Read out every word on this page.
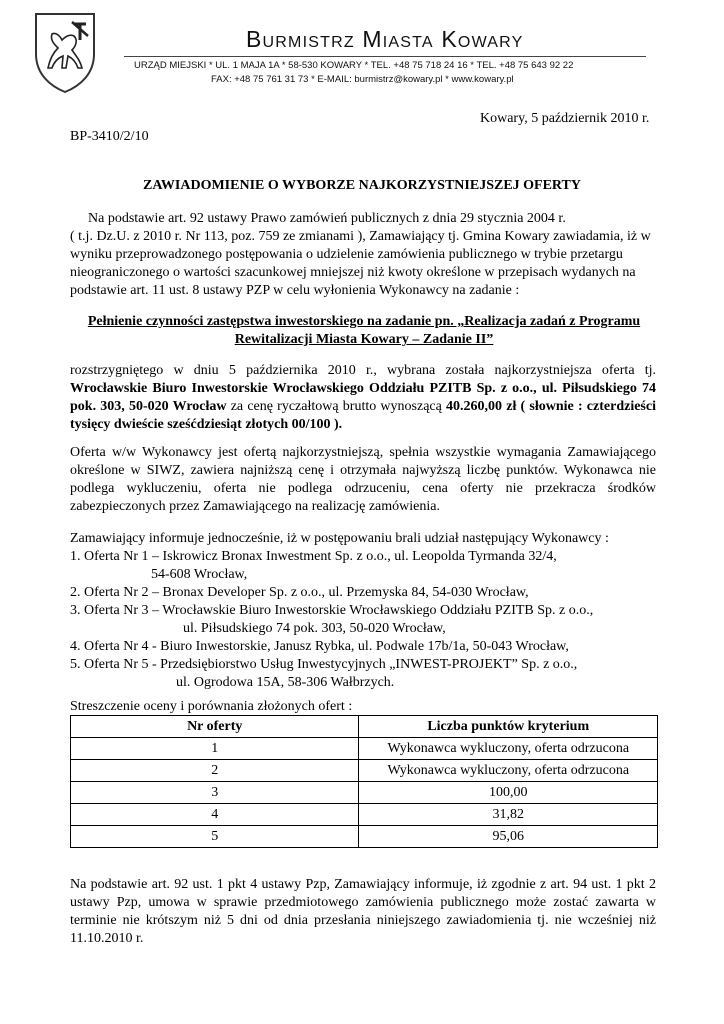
Burmistrz Miasta Kowary
URZĄD MIEJSKI * UL. 1 MAJA 1A * 58-530 KOWARY * TEL. +48 75 718 24 16 * TEL. +48 75 643 92 22
FAX: +48 75 761 31 73 * E-MAIL: burmistrz@kowary.pl * www.kowary.pl
Kowary, 5 październik 2010 r.
BP-3410/2/10
ZAWIADOMIENIE O WYBORZE NAJKORZYSTNIEJSZEJ OFERTY
Na podstawie art. 92 ustawy Prawo zamówień publicznych z dnia 29 stycznia 2004 r.
( t.j. Dz.U. z 2010 r. Nr 113, poz. 759 ze zmianami ), Zamawiający tj. Gmina Kowary zawiadamia, iż w wyniku przeprowadzonego postępowania o udzielenie zamówienia publicznego w trybie przetargu nieograniczonego o wartości szacunkowej mniejszej niż kwoty określone w przepisach wydanych na podstawie art. 11 ust. 8 ustawy PZP w celu wyłonienia Wykonawcy na zadanie :
Pełnienie czynności zastępstwa inwestorskiego na zadanie pn. „Realizacja zadań z Programu Rewitalizacji Miasta Kowary – Zadanie II”
rozstrzygniętego w dniu 5 października 2010 r., wybrana została najkorzystniejsza oferta tj. Wrocławskie Biuro Inwestorskie Wrocławskiego Oddziału PZITB Sp. z o.o., ul. Piłsudskiego 74 pok. 303, 50-020 Wrocław za cenę ryczałtową brutto wynoszącą 40.260,00 zł ( słownie : czterdzieści tysięcy dwieście sześćdziesiąt złotych 00/100 ).
Oferta w/w Wykonawcy jest ofertą najkorzystniejszą, spełnia wszystkie wymagania Zamawiającego określone w SIWZ, zawiera najniższą cenę i otrzymała najwyższą liczbę punktów. Wykonawca nie podlega wykluczeniu, oferta nie podlega odrzuceniu, cena oferty nie przekracza środków zabezpieczonych przez Zamawiającego na realizację zamówienia.
Zamawiający informuje jednocześnie, iż w postępowaniu brali udział następujący Wykonawcy :
1. Oferta Nr 1 – Iskrowicz Bronax Inwestment Sp. z o.o., ul. Leopolda Tyrmanda 32/4,
54-608 Wrocław,
2. Oferta Nr 2 – Bronax Developer Sp. z o.o., ul. Przemyska 84, 54-030 Wrocław,
3. Oferta Nr 3 – Wrocławskie Biuro Inwestorskie Wrocławskiego Oddziału PZITB Sp. z o.o.,
ul. Piłsudskiego 74 pok. 303, 50-020 Wrocław,
4. Oferta Nr 4 - Biuro Inwestorskie, Janusz Rybka, ul. Podwale 17b/1a, 50-043 Wrocław,
5. Oferta Nr 5 - Przedsiębiorstwo Usług Inwestycyjnych „INWEST-PROJEKT” Sp. z o.o.,
ul. Ogrodowa 15A, 58-306 Wałbrzych.
Streszczenie oceny i porównania złożonych ofert :
Nr oferty	Liczba punktów kryterium
1	Wykonawca wykluczony, oferta odrzucona
2	Wykonawca wykluczony, oferta odrzucona
3	100,00
4	31,82
5	95,06
Na podstawie art. 92 ust. 1 pkt 4 ustawy Pzp, Zamawiający informuje, iż zgodnie z art. 94 ust. 1 pkt 2 ustawy Pzp, umowa w sprawie przedmiotowego zamówienia publicznego może zostać zawarta w terminie nie krótszym niż 5 dni od dnia przesłania niniejszego zawiadomienia tj. nie wcześniej niż 11.10.2010 r.
